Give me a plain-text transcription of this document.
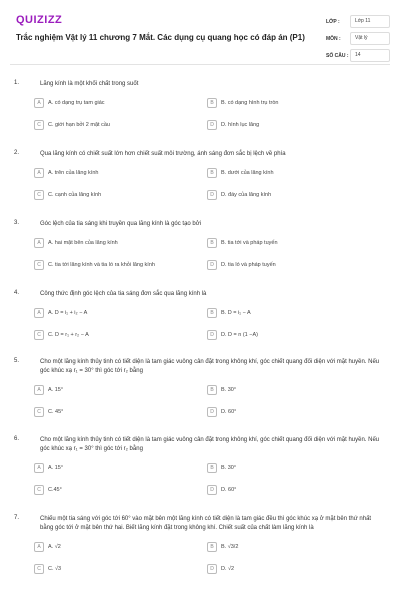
QUIZIZZ
Trắc nghiệm Vật lý 11 chương 7 Mắt. Các dụng cụ quang học có đáp án (P1)
LỚP :	Lớp 11
MÔN :	Vật lý
SỐ CÂU :	14
1.	Lăng kính là một khối chất trong suốt
A	A. có dạng trụ tam giác	B	B. có dạng hình trụ tròn
C	C. giới hạn bởi 2 mặt cầu	D	D. hình lục lăng
2.	Qua lăng kính có chiết suất lớn hơn chiết suất môi trường, ánh sáng đơn sắc bị lệch về phía
A	A. trên của lăng kính	B	B. dưới của lăng kính
C	C. cạnh của lăng kính	D	D. đáy của lăng kính
3.	Góc lệch của tia sáng khi truyền qua lăng kính là góc tạo bởi
A	A. hai mặt bên của lăng kính	B	B. tia tới và pháp tuyến
C	C. tia tới lăng kính và tia ló ra khỏi lăng kính	D	D. tia ló và pháp tuyến
4.	Công thức định góc lệch của tia sáng đơn sắc qua lăng kính là
A	A. D = i₁ + i₂ − A	B	B. D = i₁ − A
C	C. D = r₁ + r₂ − A	D	D. D = n (1 −A)
5.	Cho một lăng kính thủy tinh có tiết diện là tam giác vuông cân đặt trong không khí, góc chiết quang đối diện với mặt huyền. Nếu góc khúc xạ r₁ = 30° thì góc tới r₂ bằng
A	A. 15°	B	B. 30°
C	C. 45°	D	D. 60°
6.	Cho một lăng kính thủy tinh có tiết diện là tam giác vuông cân đặt trong không khí, góc chiết quang đối diện với mặt huyền. Nếu góc khúc xạ r₁ = 30° thì góc tới r₂ bằng
A	A. 15°	B	B. 30°
C	C.45°	D	D. 60°
7.	Chiếu một tia sáng với góc tới 60° vào mặt bên một lăng kính có tiết diện là tam giác đều thì góc khúc xạ ở mặt bên thứ nhất bằng góc tới ở mặt bên thứ hai. Biết lăng kính đặt trong không khí. Chiết suất của chất làm lăng kính là
A	A. √2	B	B. √3/2
C	C. √3	D	D. √2
